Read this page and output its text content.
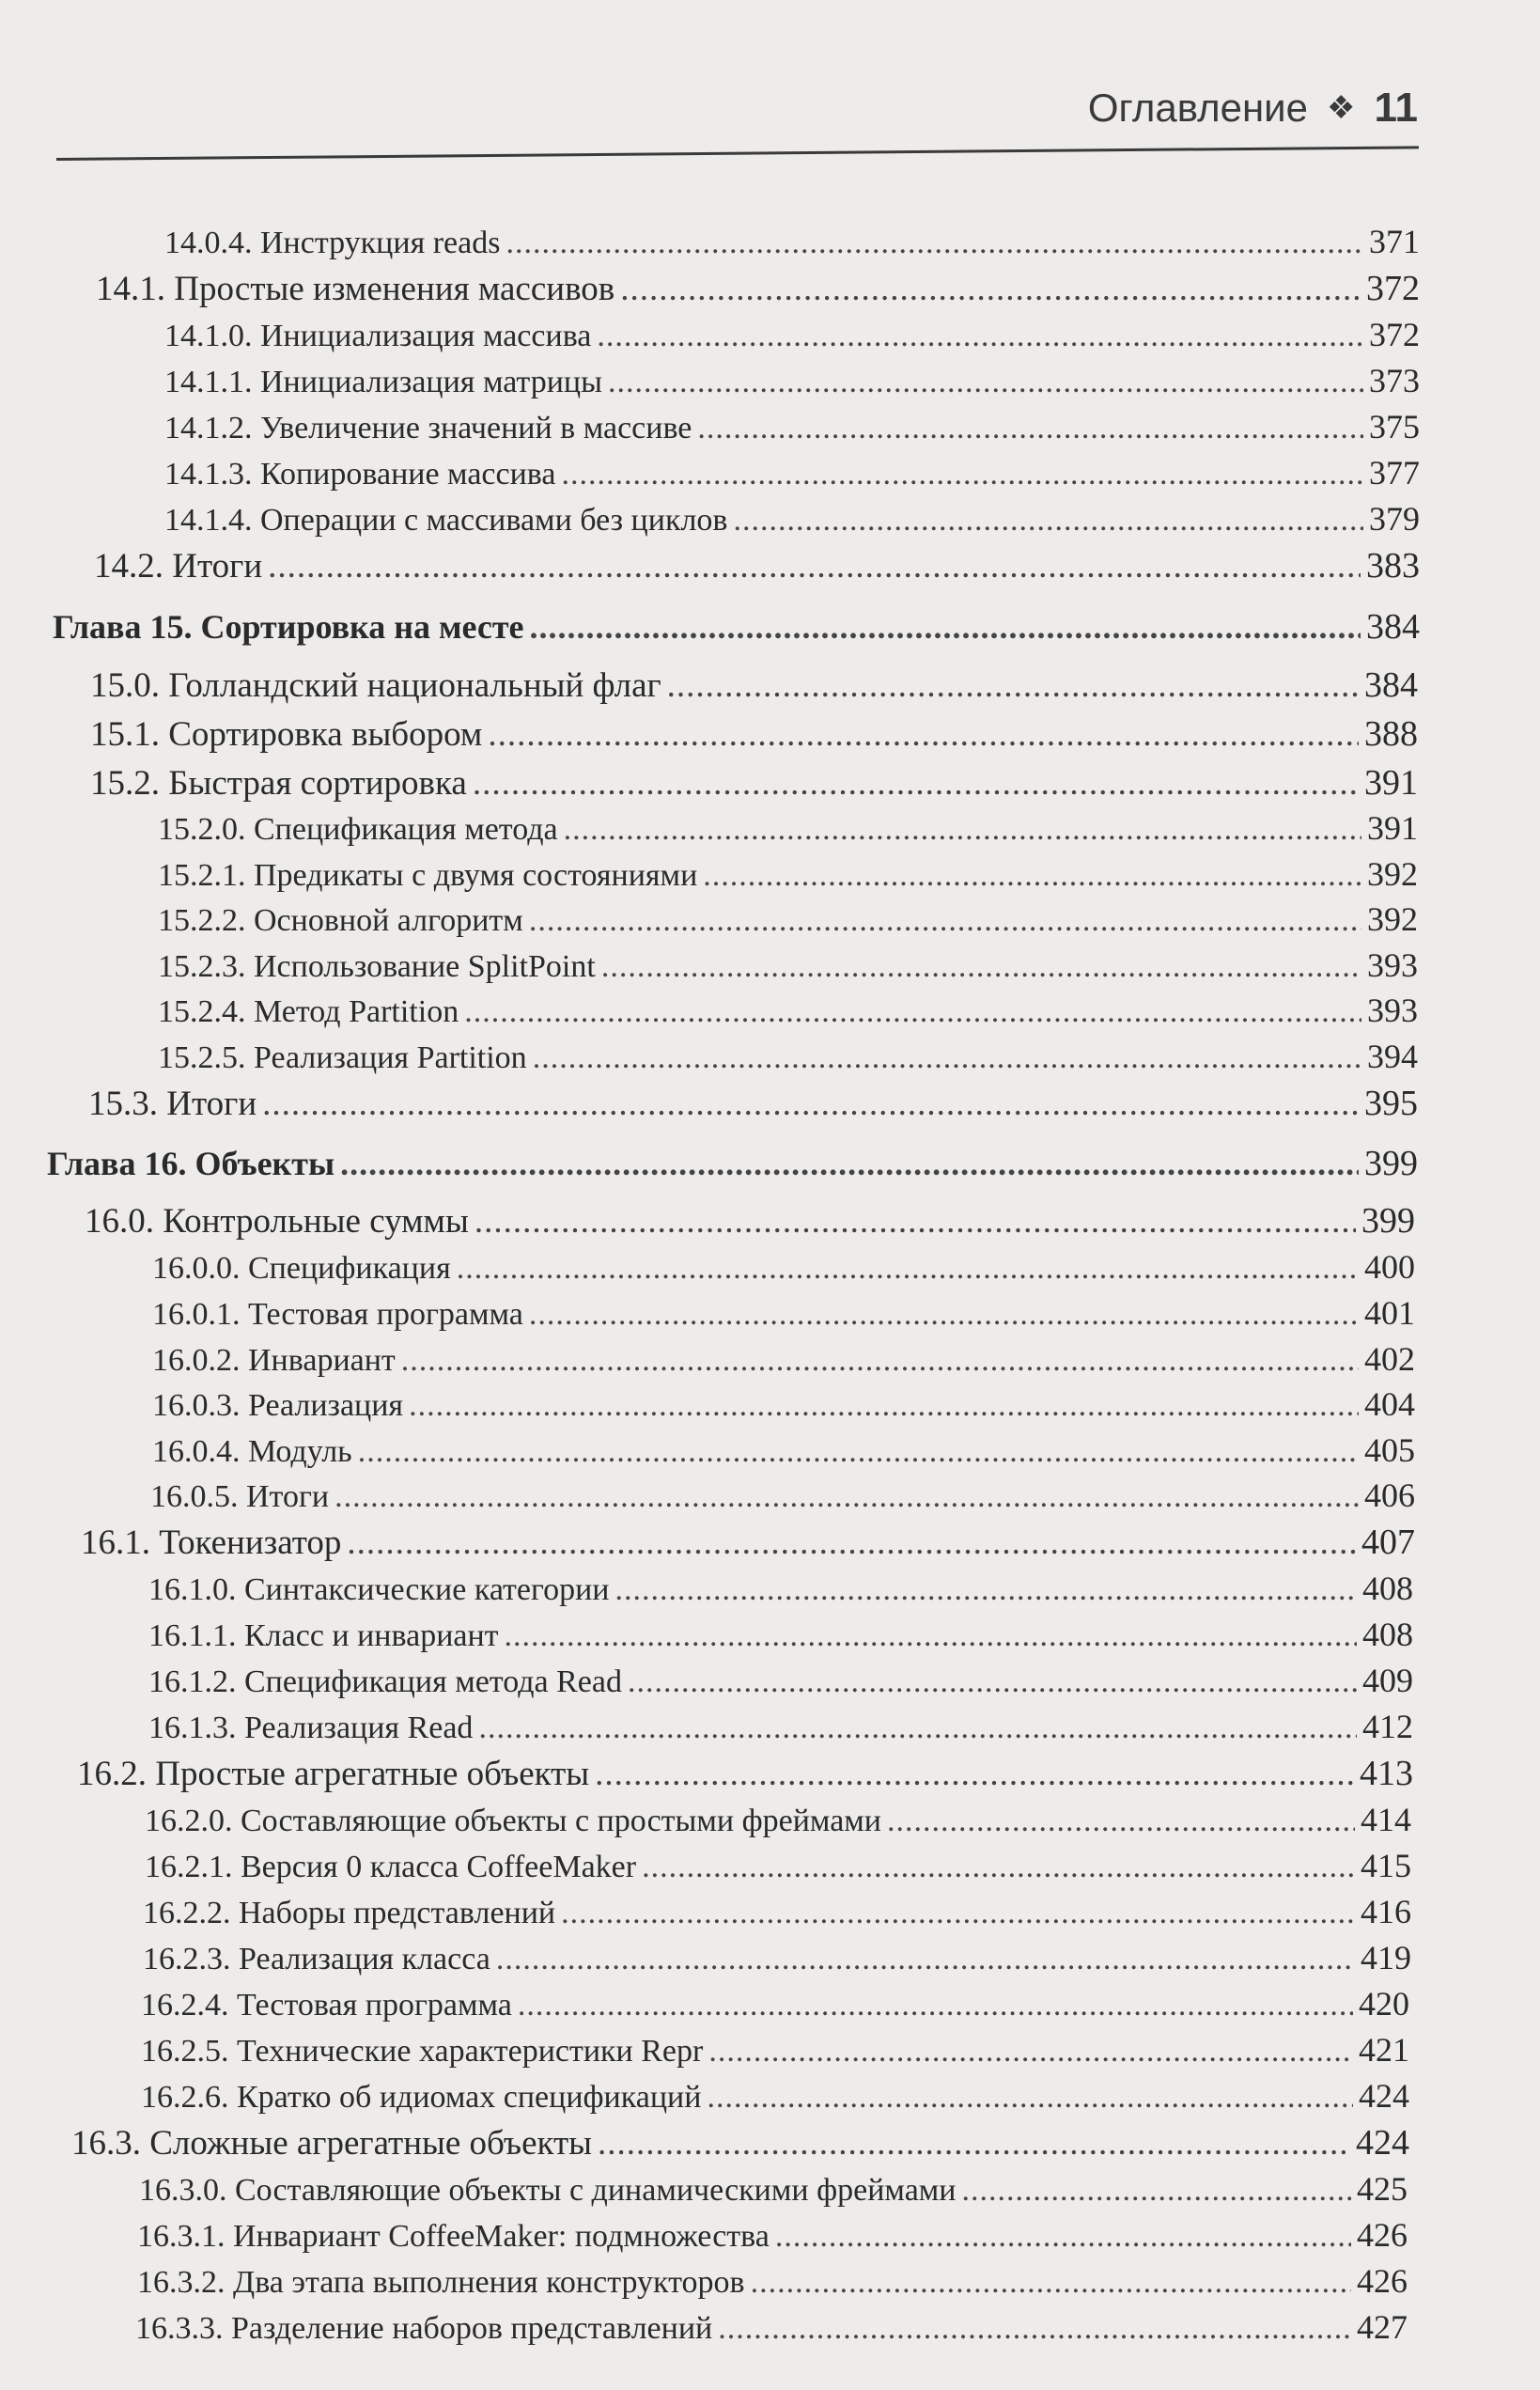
Оглавление ❖ 11
14.0.4. Инструкция reads .....	371
14.1. Простые изменения массивов .....	372
14.1.0. Инициализация массива .....	372
14.1.1. Инициализация матрицы .....	373
14.1.2. Увеличение значений в массиве .....	375
14.1.3. Копирование массива .....	377
14.1.4. Операции с массивами без циклов .....	379
14.2. Итоги .....	383
Глава 15. Сортировка на месте .....	384
15.0. Голландский национальный флаг .....	384
15.1. Сортировка выбором .....	388
15.2. Быстрая сортировка .....	391
15.2.0. Спецификация метода .....	391
15.2.1. Предикаты с двумя состояниями .....	392
15.2.2. Основной алгоритм .....	392
15.2.3. Использование SplitPoint .....	393
15.2.4. Метод Partition .....	393
15.2.5. Реализация Partition .....	394
15.3. Итоги .....	395
Глава 16. Объекты .....	399
16.0. Контрольные суммы .....	399
16.0.0. Спецификация .....	400
16.0.1. Тестовая программа .....	401
16.0.2. Инвариант .....	402
16.0.3. Реализация .....	404
16.0.4. Модуль .....	405
16.0.5. Итоги .....	406
16.1. Токенизатор .....	407
16.1.0. Синтаксические категории .....	408
16.1.1. Класс и инвариант .....	408
16.1.2. Спецификация метода Read .....	409
16.1.3. Реализация Read .....	412
16.2. Простые агрегатные объекты .....	413
16.2.0. Составляющие объекты с простыми фреймами .....	414
16.2.1. Версия 0 класса CoffeeMaker .....	415
16.2.2. Наборы представлений .....	416
16.2.3. Реализация класса .....	419
16.2.4. Тестовая программа .....	420
16.2.5. Технические характеристики Repr .....	421
16.2.6. Кратко об идиомах спецификаций .....	424
16.3. Сложные агрегатные объекты .....	424
16.3.0. Составляющие объекты с динамическими фреймами .....	425
16.3.1. Инвариант CoffeeMaker: подмножества .....	426
16.3.2. Два этапа выполнения конструкторов .....	426
16.3.3. Разделение наборов представлений .....	427
